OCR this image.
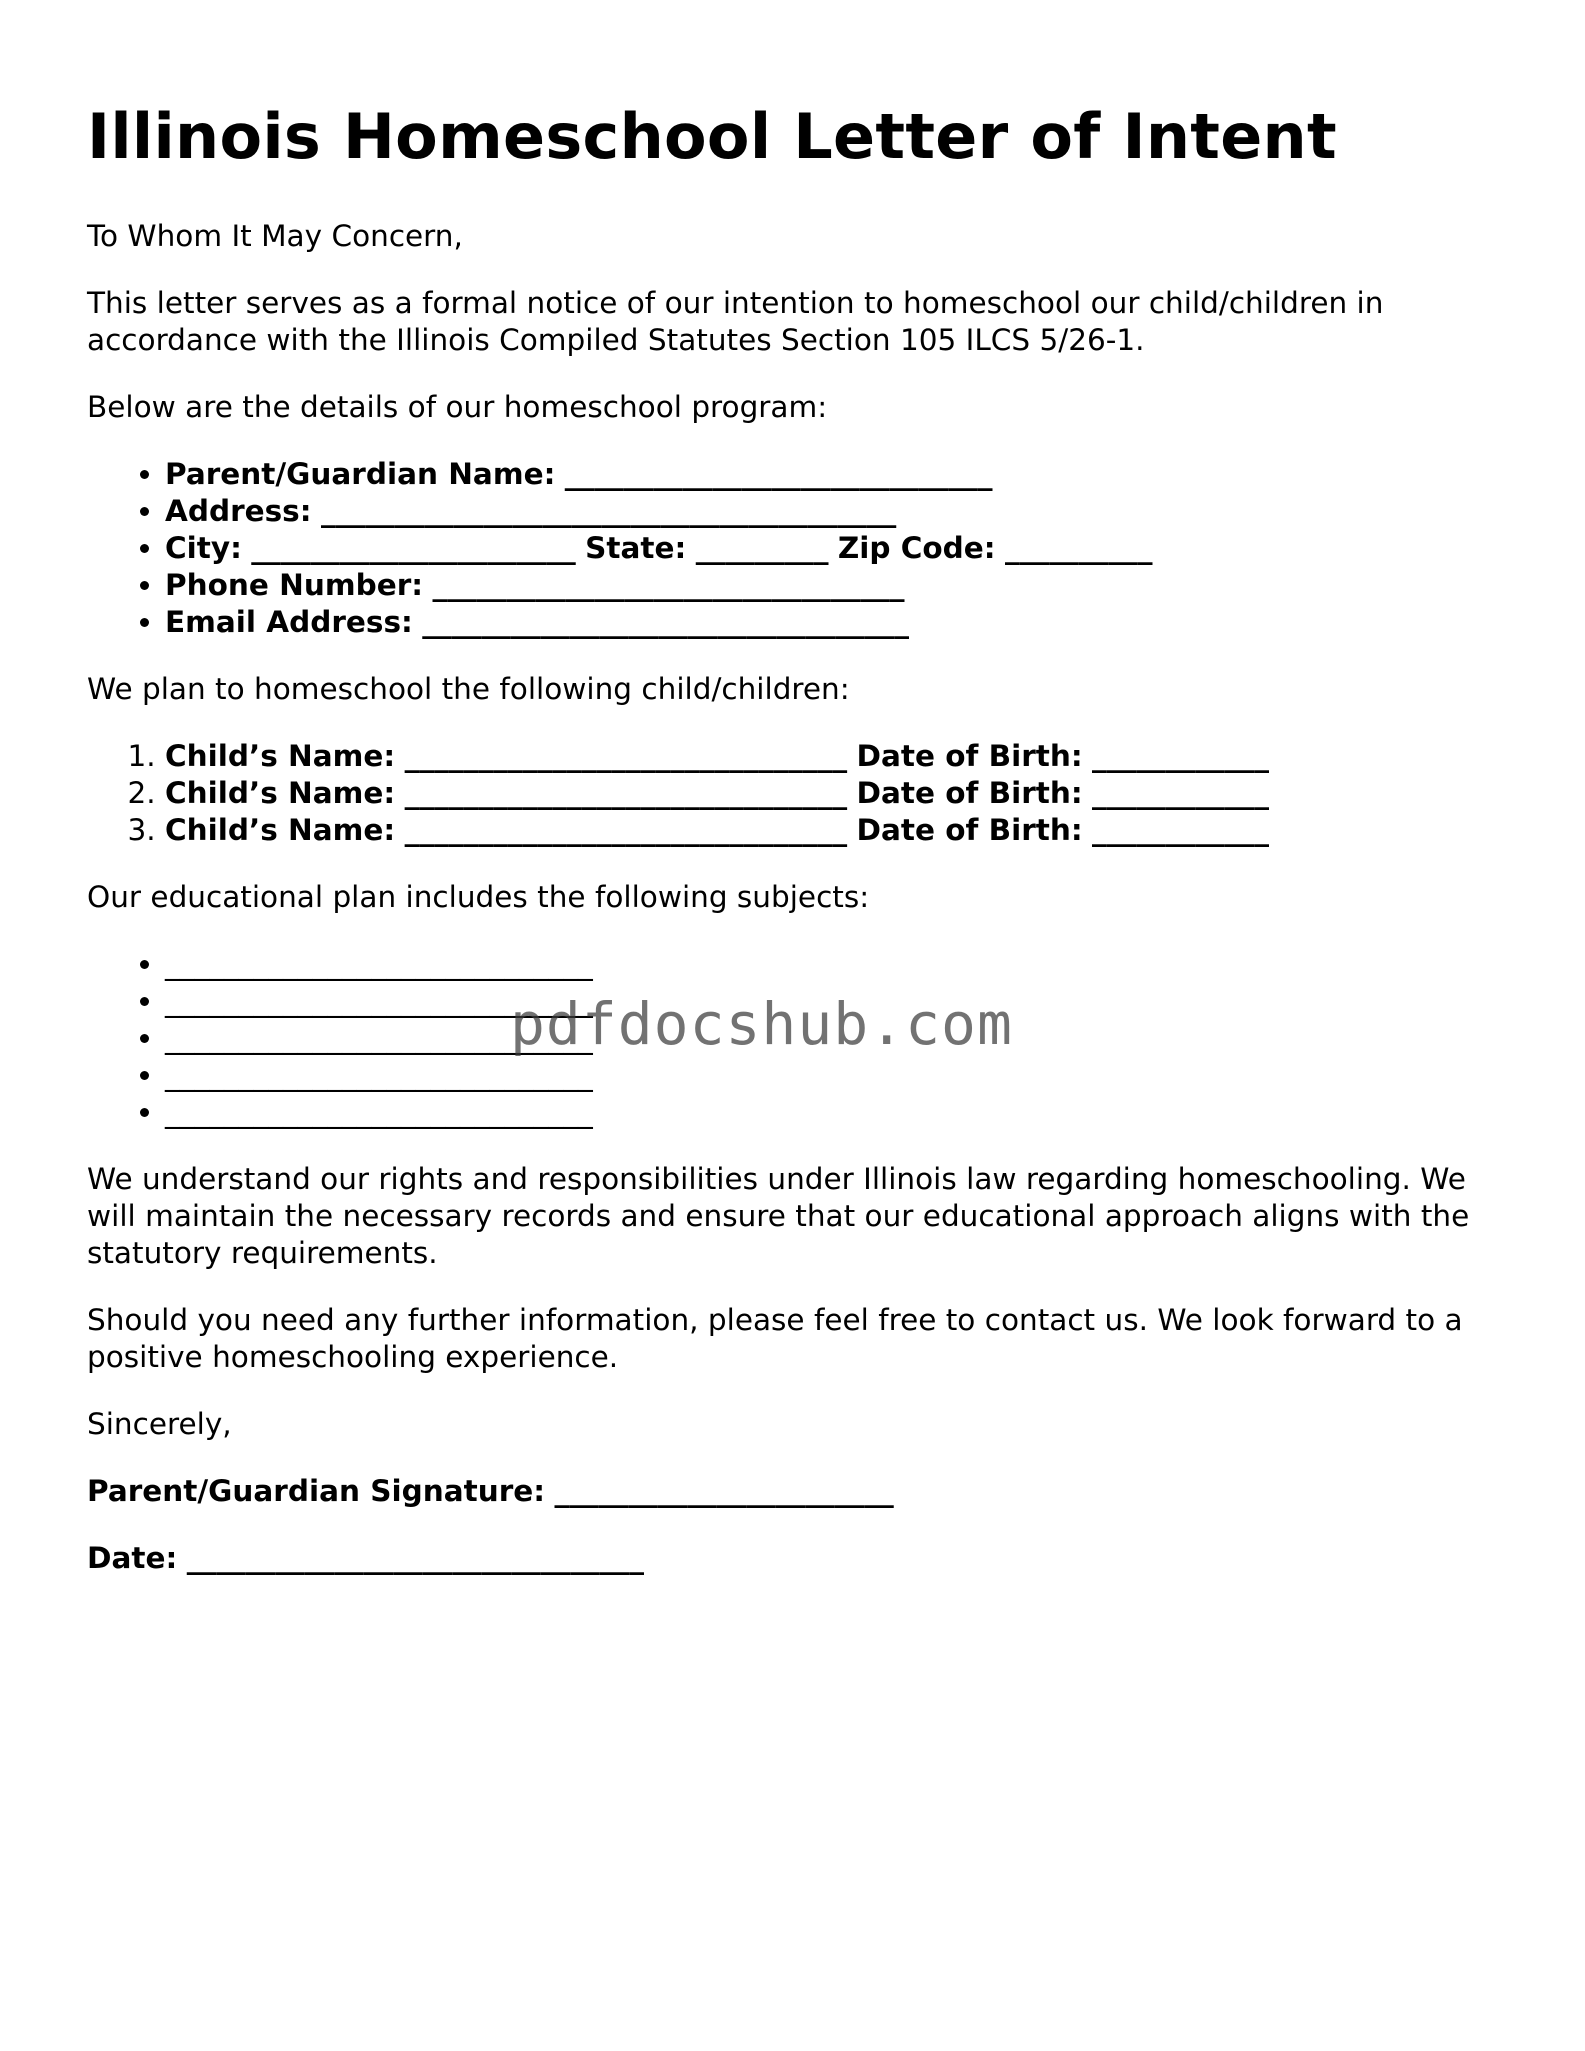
Illinois Homeschool Letter of Intent

To Whom It May Concern,

This letter serves as a formal notice of our intention to homeschool our child/children in accordance with the Illinois Compiled Statutes Section 105 ILCS 5/26-1.

Below are the details of our homeschool program:

• Parent/Guardian Name: _____________________________
• Address: _______________________________________
• City: ______________________ State: _________ Zip Code: __________
• Phone Number: ________________________________
• Email Address: _________________________________

We plan to homeschool the following child/children:

1. Child’s Name: ______________________________ Date of Birth: ____________
2. Child’s Name: ______________________________ Date of Birth: ____________
3. Child’s Name: ______________________________ Date of Birth: ____________

Our educational plan includes the following subjects:

• _____________________________
• _____________________________
• _____________________________
• _____________________________
• _____________________________

We understand our rights and responsibilities under Illinois law regarding homeschooling. We will maintain the necessary records and ensure that our educational approach aligns with the statutory requirements.

Should you need any further information, please feel free to contact us. We look forward to a positive homeschooling experience.

Sincerely,

Parent/Guardian Signature: _______________________

Date: _______________________________

pdfdocshub.com
